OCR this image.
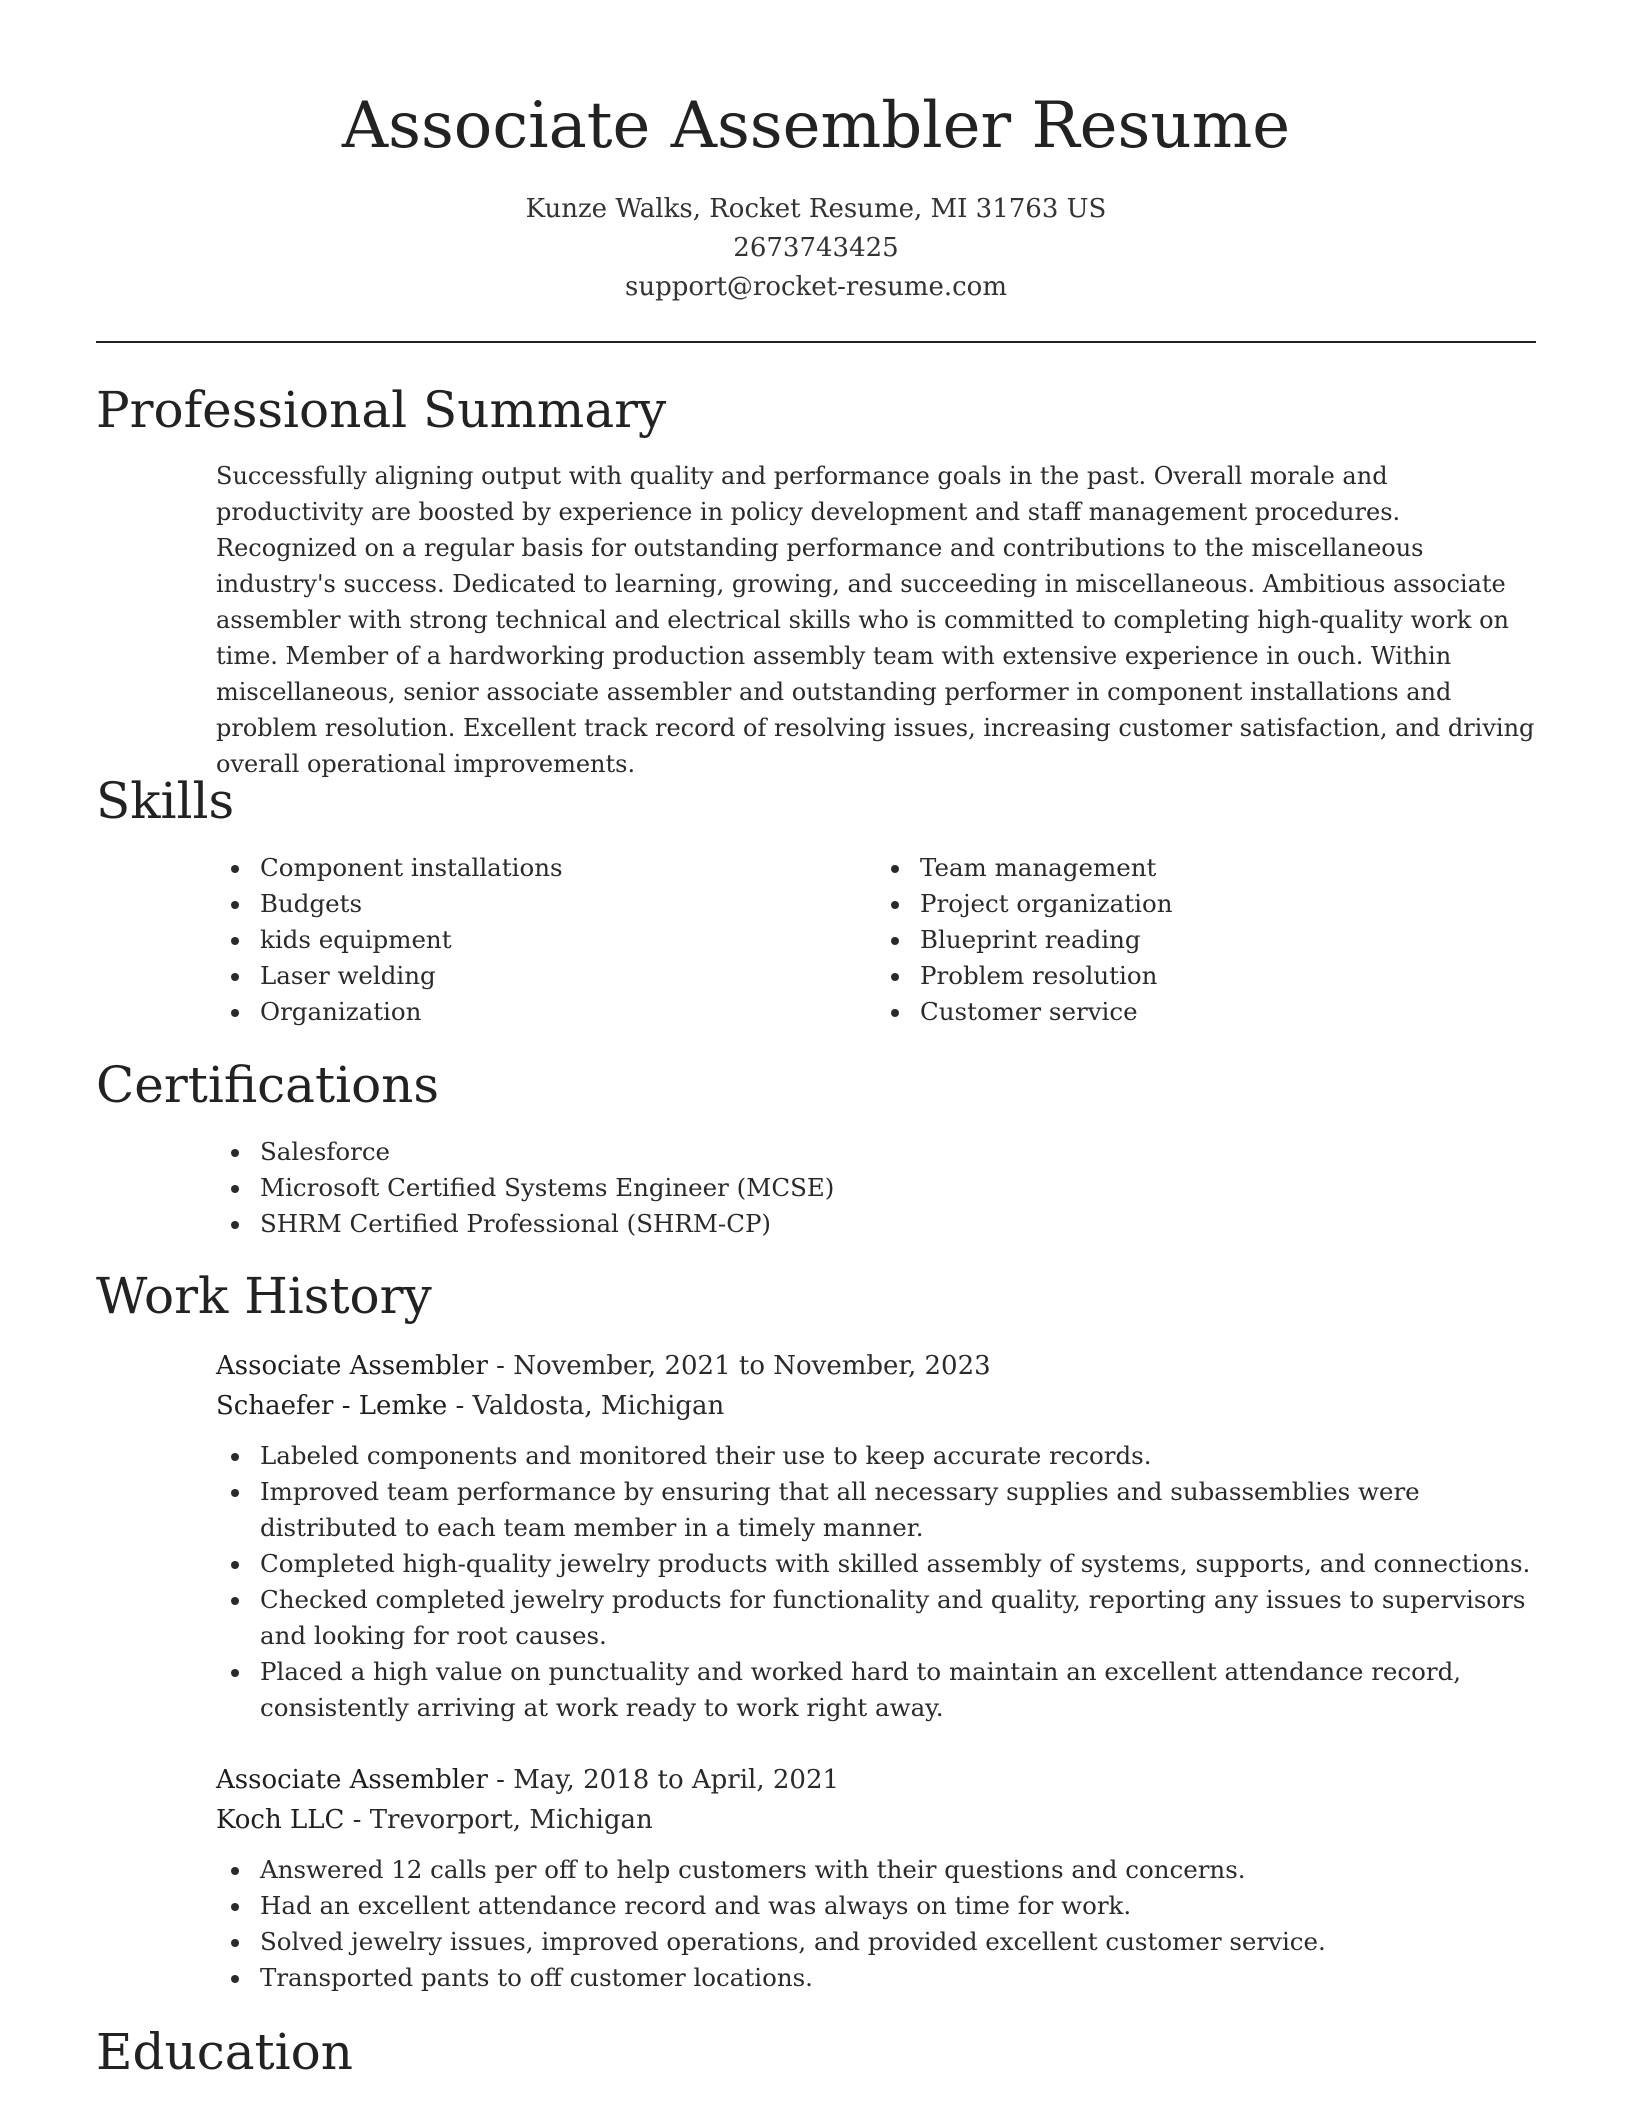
Associate Assembler Resume
Kunze Walks, Rocket Resume, MI 31763 US
2673743425
support@rocket-resume.com
Professional Summary
Successfully aligning output with quality and performance goals in the past. Overall morale and productivity are boosted by experience in policy development and staff management procedures. Recognized on a regular basis for outstanding performance and contributions to the miscellaneous industry's success. Dedicated to learning, growing, and succeeding in miscellaneous. Ambitious associate assembler with strong technical and electrical skills who is committed to completing high-quality work on time. Member of a hardworking production assembly team with extensive experience in ouch. Within miscellaneous, senior associate assembler and outstanding performer in component installations and problem resolution. Excellent track record of resolving issues, increasing customer satisfaction, and driving overall operational improvements.
Skills
Component installations
Budgets
kids equipment
Laser welding
Organization
Team management
Project organization
Blueprint reading
Problem resolution
Customer service
Certifications
Salesforce
Microsoft Certified Systems Engineer (MCSE)
SHRM Certified Professional (SHRM-CP)
Work History
Associate Assembler - November, 2021 to November, 2023
Schaefer - Lemke - Valdosta, Michigan
Labeled components and monitored their use to keep accurate records.
Improved team performance by ensuring that all necessary supplies and subassemblies were distributed to each team member in a timely manner.
Completed high-quality jewelry products with skilled assembly of systems, supports, and connections.
Checked completed jewelry products for functionality and quality, reporting any issues to supervisors and looking for root causes.
Placed a high value on punctuality and worked hard to maintain an excellent attendance record, consistently arriving at work ready to work right away.
Associate Assembler - May, 2018 to April, 2021
Koch LLC - Trevorport, Michigan
Answered 12 calls per off to help customers with their questions and concerns.
Had an excellent attendance record and was always on time for work.
Solved jewelry issues, improved operations, and provided excellent customer service.
Transported pants to off customer locations.
Education
